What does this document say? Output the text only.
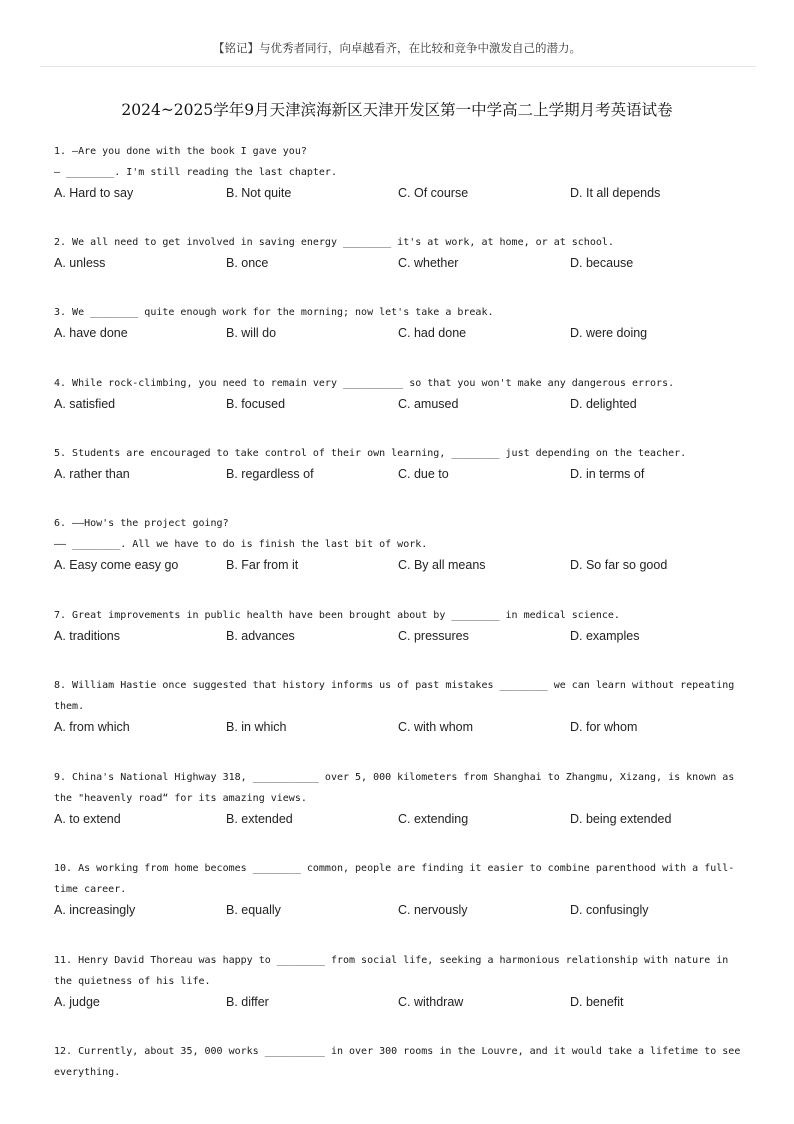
【铭记】与优秀者同行，向卓越看齐，在比较和竞争中激发自己的潜力。
2024~2025学年9月天津滨海新区天津开发区第一中学高二上学期月考英语试卷
1. —Are you done with the book I gave you?
— ________. I'm still reading the last chapter.
A. Hard to say	B. Not quite	C. Of course	D. It all depends
2. We all need to get involved in saving energy ________ it's at work, at home, or at school.
A. unless	B. once	C. whether	D. because
3. We ________ quite enough work for the morning; now let's take a break.
A. have done	B. will do	C. had done	D. were doing
4. While rock-climbing, you need to remain very __________ so that you won't make any dangerous errors.
A. satisfied	B. focused	C. amused	D. delighted
5. Students are encouraged to take control of their own learning, ________ just depending on the teacher.
A. rather than	B. regardless of	C. due to	D. in terms of
6. ——How's the project going?
—— ________. All we have to do is finish the last bit of work.
A. Easy come easy go	B. Far from it	C. By all means	D. So far so good
7. Great improvements in public health have been brought about by ________ in medical science.
A. traditions	B. advances	C. pressures	D. examples
8. William Hastie once suggested that history informs us of past mistakes ________ we can learn without repeating
them.
A. from which	B. in which	C. with whom	D. for whom
9. China's National Highway 318, ___________ over 5, 000 kilometers from Shanghai to Zhangmu, Xizang, is known as
the "heavenly road“ for its amazing views.
A. to extend	B. extended	C. extending	D. being extended
10. As working from home becomes ________ common, people are finding it easier to combine parenthood with a full-
time career.
A. increasingly	B. equally	C. nervously	D. confusingly
11. Henry David Thoreau was happy to ________ from social life, seeking a harmonious relationship with nature in
the quietness of his life.
A. judge	B. differ	C. withdraw	D. benefit
12. Currently, about 35, 000 works __________ in over 300 rooms in the Louvre, and it would take a lifetime to see
everything.
